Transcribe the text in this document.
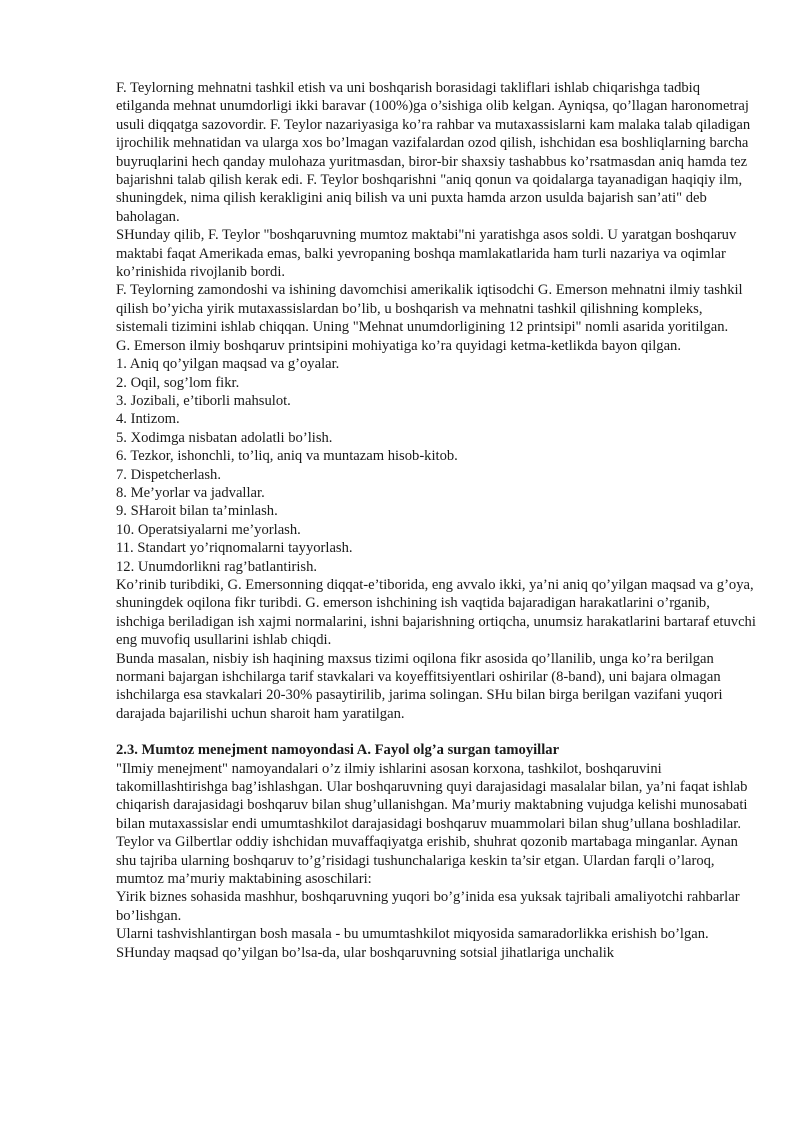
F. Teylorning mehnatni tashkil etish va uni boshqarish borasidagi takliflari ishlab chiqarishga tadbiq etilganda mehnat unumdorligi ikki baravar (100%)ga o’sishiga olib kelgan. Ayniqsa, qo’llagan haronometraj usuli diqqatga sazovordir. F. Teylor nazariyasiga ko’ra rahbar va mutaxassislarni kam malaka talab qiladigan ijrochilik mehnatidan va ularga xos bo’lmagan vazifalardan ozod qilish, ishchidan esa boshliqlarning barcha buyruqlarini hech qanday mulohaza yuritmasdan, biror-bir shaxsiy tashabbus ko’rsatmasdan aniq hamda tez bajarishni talab qilish kerak edi. F. Teylor boshqarishni "aniq qonun va qoidalarga tayanadigan haqiqiy ilm, shuningdek, nima qilish kerakligini aniq bilish va uni puxta hamda arzon usulda bajarish san’ati" deb baholagan.

SHunday qilib, F. Teylor "boshqaruvning mumtoz maktabi"ni yaratishga asos soldi. U yaratgan boshqaruv maktabi faqat Amerikada emas, balki yevropaning boshqa mamlakatlarida ham turli nazariya va oqimlar ko’rinishida rivojlanib bordi.

F. Teylorning zamondoshi va ishining davomchisi amerikalik iqtisodchi G. Emerson mehnatni ilmiy tashkil qilish bo’yicha yirik mutaxassislardan bo’lib, u boshqarish va mehnatni tashkil qilishning kompleks, sistemali tizimini ishlab chiqqan. Uning "Mehnat unumdorligining 12 printsipi" nomli asarida yoritilgan.

G. Emerson ilmiy boshqaruv printsipini mohiyatiga ko’ra quyidagi ketma-ketlikda bayon qilgan.

1. Aniq qo’yilgan maqsad va g’oyalar.
2. Oqil, sog’lom fikr.
3. Jozibali, e’tiborli mahsulot.
4. Intizom.
5. Xodimga nisbatan adolatli bo’lish.
6. Tezkor, ishonchli, to’liq, aniq va muntazam hisob-kitob.
7. Dispetcherlash.
8. Me’yorlar va jadvallar.
9. SHaroit bilan ta’minlash.
10. Operatsiyalarni me’yorlash.
11. Standart yo’riqnomalarni tayyorlash.
12. Unumdorlikni rag’batlantirish.

Ko’rinib turibdiki, G. Emersonning diqqat-e’tiborida, eng avvalo ikki, ya’ni aniq qo’yilgan maqsad va g’oya, shuningdek oqilona fikr turibdi. G. emerson ishchining ish vaqtida bajaradigan harakatlarini o’rganib, ishchiga beriladigan ish xajmi normalarini, ishni bajarishning ortiqcha, unumsiz harakatlarini bartaraf etuvchi eng muvofiq usullarini ishlab chiqdi.

Bunda masalan, nisbiy ish haqining maxsus tizimi oqilona fikr asosida qo’llanilib, unga ko’ra berilgan normani bajargan ishchilarga tarif stavkalari va koyeffitsiyentlari oshirilar (8-band), uni bajara olmagan ishchilarga esa stavkalari 20-30% pasaytirilib, jarima solingan. SHu bilan birga berilgan vazifani yuqori darajada bajarilishi uchun sharoit ham yaratilgan.

2.3. Mumtoz menejment namoyondasi A. Fayol olg’a surgan tamoyillar

"Ilmiy menejment" namoyandalari o’z ilmiy ishlarini asosan korxona, tashkilot, boshqaruvini takomillashtirishga bag’ishlashgan. Ular boshqaruvning quyi darajasidagi masalalar bilan, ya’ni faqat ishlab chiqarish darajasidagi boshqaruv bilan shug’ullanishgan. Ma’muriy maktabning vujudga kelishi munosabati bilan mutaxassislar endi umumtashkilot darajasidagi boshqaruv muammolari bilan shug’ullana boshladilar.

Teylor va Gilbertlar oddiy ishchidan muvaffaqiyatga erishib, shuhrat qozonib martabaga minganlar. Aynan shu tajriba ularning boshqaruv to’g’risidagi tushunchalariga keskin ta’sir etgan. Ulardan farqli o’laroq, mumtoz ma’muriy maktabining asoschilari:

Yirik biznes sohasida mashhur, boshqaruvning yuqori bo’g’inida esa yuksak tajribali amaliyotchi rahbarlar bo’lishgan.

Ularni tashvishlantirgan bosh masala - bu umumtashkilot miqyosida samaradorlikka erishish bo’lgan. SHunday maqsad qo’yilgan bo’lsa-da, ular boshqaruvning sotsial jihatlariga unchalik
